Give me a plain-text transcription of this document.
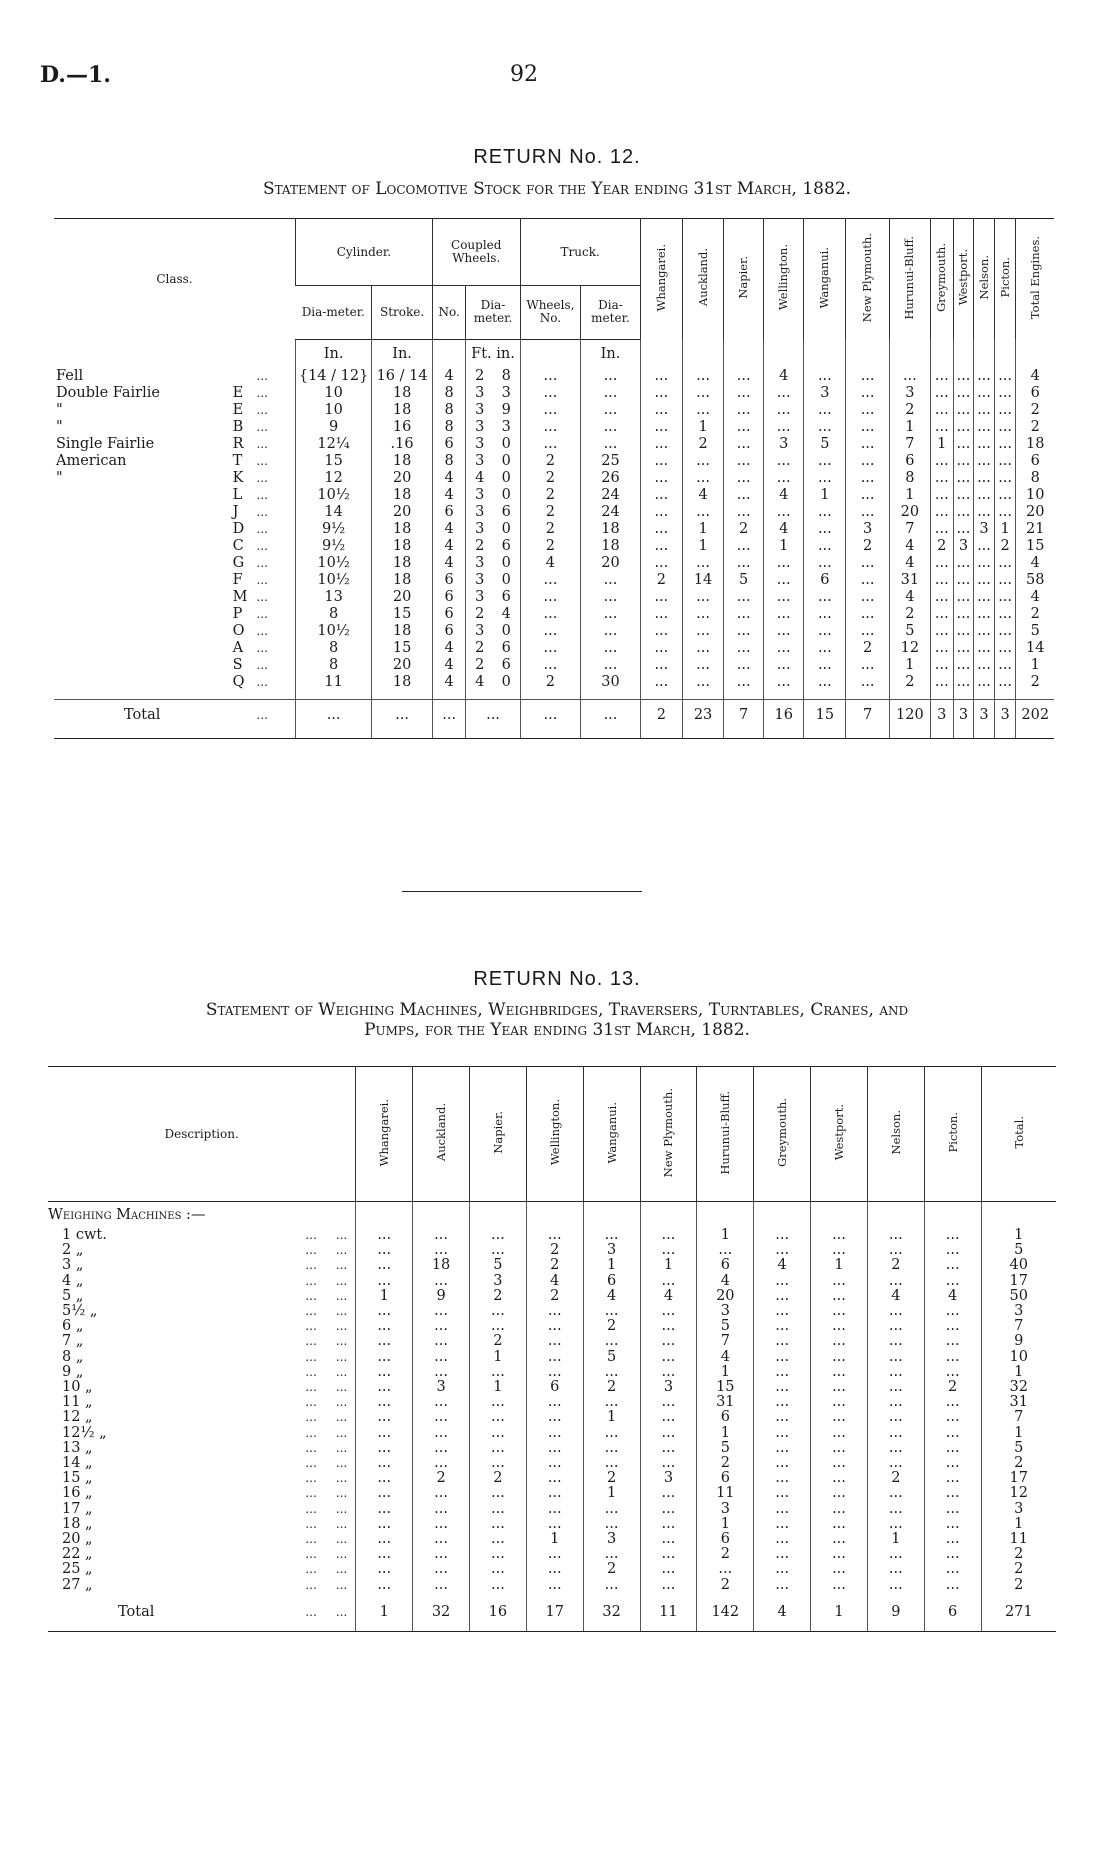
D.—1.	92
RETURN No. 12.
Statement of Locomotive Stock for the Year ending 31st March, 1882.
Class.			Cylinder.		Coupled Wheels.			Truck.		Whangarei.	Auckland.	Napier.	Wellington.	Wanganui.	New Plymouth.	Hurunui-Bluff.	Greymouth.	Westport.	Nelson.	Picton.	Total Engines.
			Dia-meter.	Stroke.	No.	Dia-meter.		Wheels, No.	Dia-meter.												
			In.	In.		Ft. in.			In.												
Fell		...	{14 / 12}	16 / 14	4	2	8	...	...	...	...	...	4	...	...	...	...	...	...	...	4
Double Fairlie	E	...	10	18	8	3	3	...	...	...	...	...	...	3	...	3	...	...	...	...	6
"	E	...	10	18	8	3	9	...	...	...	...	...	...	...	...	2	...	...	...	...	2
"	B	...	9	16	8	3	3	...	...	...	1	...	...	...	...	1	...	...	...	...	2
Single Fairlie	R	...	12¼	.16	6	3	0	...	...	...	2	...	3	5	...	7	1	...	...	...	18
American	T	...	15	18	8	3	0	2	25	...	...	...	...	...	...	6	...	...	...	...	6
"	K	...	12	20	4	4	0	2	26	...	...	...	...	...	...	8	...	...	...	...	8
	L	...	10½	18	4	3	0	2	24	...	4	...	4	1	...	1	...	...	...	...	10
	J	...	14	20	6	3	6	2	24	...	...	...	...	...	...	20	...	...	...	...	20
	D	...	9½	18	4	3	0	2	18	...	1	2	4	...	3	7	...	...	3	1	21
	C	...	9½	18	4	2	6	2	18	...	1	...	1	...	2	4	2	3	...	2	15
	G	...	10½	18	4	3	0	4	20	...	...	...	...	...	...	4	...	...	...	...	4
	F	...	10½	18	6	3	0	...	...	2	14	5	...	6	...	31	...	...	...	...	58
	M	...	13	20	6	3	6	...	...	...	...	...	...	...	...	4	...	...	...	...	4
	P	...	8	15	6	2	4	...	...	...	...	...	...	...	...	2	...	...	...	...	2
	O	...	10½	18	6	3	0	...	...	...	...	...	...	...	...	5	...	...	...	...	5
	A	...	8	15	4	2	6	...	...	...	...	...	...	...	2	12	...	...	...	...	14
	S	...	8	20	4	2	6	...	...	...	...	...	...	...	...	1	...	...	...	...	1
	Q	...	11	18	4	4	0	2	30	...	...	...	...	...	...	2	...	...	...	...	2

Total		...	...	...	...	...		...	...	2	23	7	16	15	7	120	3	3	3	3	202
RETURN No. 13.
Statement of Weighing Machines, Weighbridges, Traversers, Turntables, Cranes, and
Pumps, for the Year ending 31st March, 1882.
Description.		Whangarei.	Auckland.	Napier.	Wellington.	Wanganui.	New Plymouth.	Hurunui-Bluff.	Greymouth.	Westport.	Nelson.	Picton.	Total.
Weighing Machines :—													
1 cwt.	...     ...	...	...	...	...	...	...	1	...	...	...	...	1
2 „	...     ...	...	...	...	2	3	...	...	...	...	...	...	5
3 „	...     ...	...	18	5	2	1	1	6	4	1	2	...	40
4 „	...     ...	...	...	3	4	6	...	4	...	...	...	...	17
5 „	...     ...	1	9	2	2	4	4	20	...	...	4	4	50
5½ „	...     ...	...	...	...	...	...	...	3	...	...	...	...	3
6 „	...     ...	...	...	...	...	2	...	5	...	...	...	...	7
7 „	...     ...	...	...	2	...	...	...	7	...	...	...	...	9
8 „	...     ...	...	...	1	...	5	...	4	...	...	...	...	10
9 „	...     ...	...	...	...	...	...	...	1	...	...	...	...	1
10 „	...     ...	...	3	1	6	2	3	15	...	...	...	2	32
11 „	...     ...	...	...	...	...	...	...	31	...	...	...	...	31
12 „	...     ...	...	...	...	...	1	...	6	...	...	...	...	7
12½ „	...     ...	...	...	...	...	...	...	1	...	...	...	...	1
13 „	...     ...	...	...	...	...	...	...	5	...	...	...	...	5
14 „	...     ...	...	...	...	...	...	...	2	...	...	...	...	2
15 „	...     ...	...	2	2	...	2	3	6	...	...	2	...	17
16 „	...     ...	...	...	...	...	1	...	11	...	...	...	...	12
17 „	...     ...	...	...	...	...	...	...	3	...	...	...	...	3
18 „	...     ...	...	...	...	...	...	...	1	...	...	...	...	1
20 „	...     ...	...	...	...	1	3	...	6	...	...	1	...	11
22 „	...     ...	...	...	...	...	...	...	2	...	...	...	...	2
25 „	...     ...	...	...	...	...	2	...	...	...	...	...	...	2
27 „	...     ...	...	...	...	...	...	...	2	...	...	...	...	2
Total	...     ...	1	32	16	17	32	11	142	4	1	9	6	271
